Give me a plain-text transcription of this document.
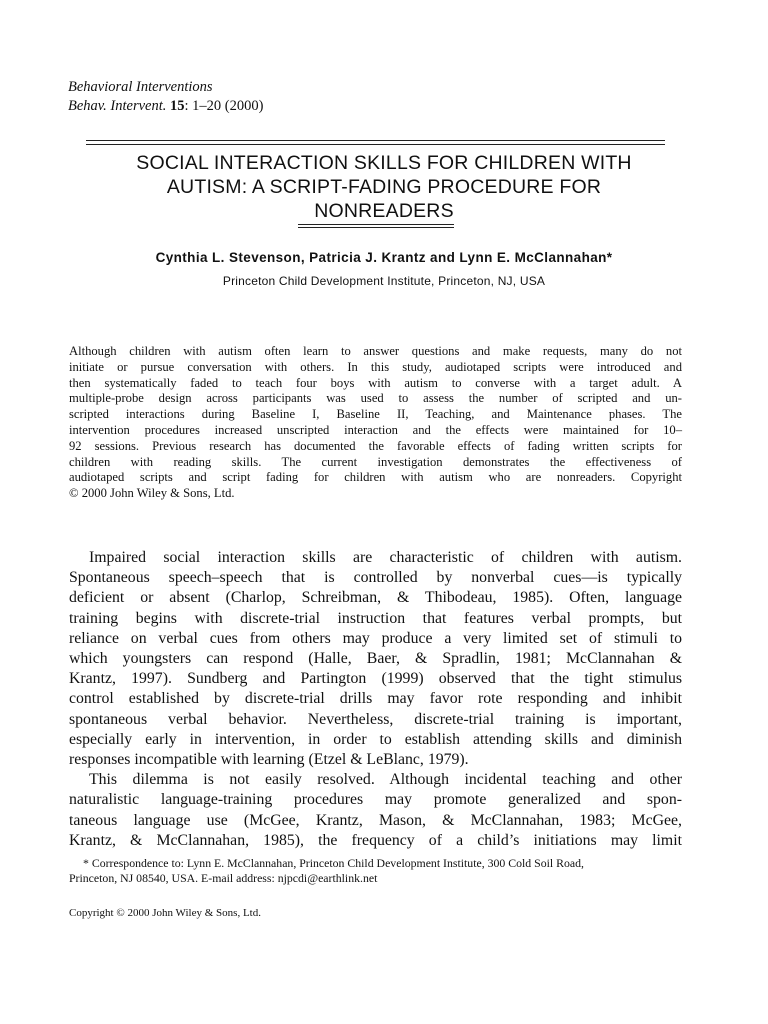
Behavioral Interventions
Behav. Intervent. 15: 1–20 (2000)
SOCIAL INTERACTION SKILLS FOR CHILDREN WITH
AUTISM: A SCRIPT-FADING PROCEDURE FOR
NONREADERS
Cynthia L. Stevenson, Patricia J. Krantz and Lynn E. McClannahan*
Princeton Child Development Institute, Princeton, NJ, USA
Although children with autism often learn to answer questions and make requests, many do not
initiate or pursue conversation with others. In this study, audiotaped scripts were introduced and
then systematically faded to teach four boys with autism to converse with a target adult. A
multiple-probe design across participants was used to assess the number of scripted and un-
scripted interactions during Baseline I, Baseline II, Teaching, and Maintenance phases. The
intervention procedures increased unscripted interaction and the effects were maintained for 10–
92 sessions. Previous research has documented the favorable effects of fading written scripts for
children with reading skills. The current investigation demonstrates the effectiveness of
audiotaped scripts and script fading for children with autism who are nonreaders. Copyright
© 2000 John Wiley & Sons, Ltd.
Impaired social interaction skills are characteristic of children with autism.
Spontaneous speech–speech that is controlled by nonverbal cues—is typically
deficient or absent (Charlop, Schreibman, & Thibodeau, 1985). Often, language
training begins with discrete-trial instruction that features verbal prompts, but
reliance on verbal cues from others may produce a very limited set of stimuli to
which youngsters can respond (Halle, Baer, & Spradlin, 1981; McClannahan &
Krantz, 1997). Sundberg and Partington (1999) observed that the tight stimulus
control established by discrete-trial drills may favor rote responding and inhibit
spontaneous verbal behavior. Nevertheless, discrete-trial training is important,
especially early in intervention, in order to establish attending skills and diminish
responses incompatible with learning (Etzel & LeBlanc, 1979).
This dilemma is not easily resolved. Although incidental teaching and other
naturalistic language-training procedures may promote generalized and spon-
taneous language use (McGee, Krantz, Mason, & McClannahan, 1983; McGee,
Krantz, & McClannahan, 1985), the frequency of a child’s initiations may limit
* Correspondence to: Lynn E. McClannahan, Princeton Child Development Institute, 300 Cold Soil Road,
Princeton, NJ 08540, USA. E-mail address: njpcdi@earthlink.net
Copyright © 2000 John Wiley & Sons, Ltd.
